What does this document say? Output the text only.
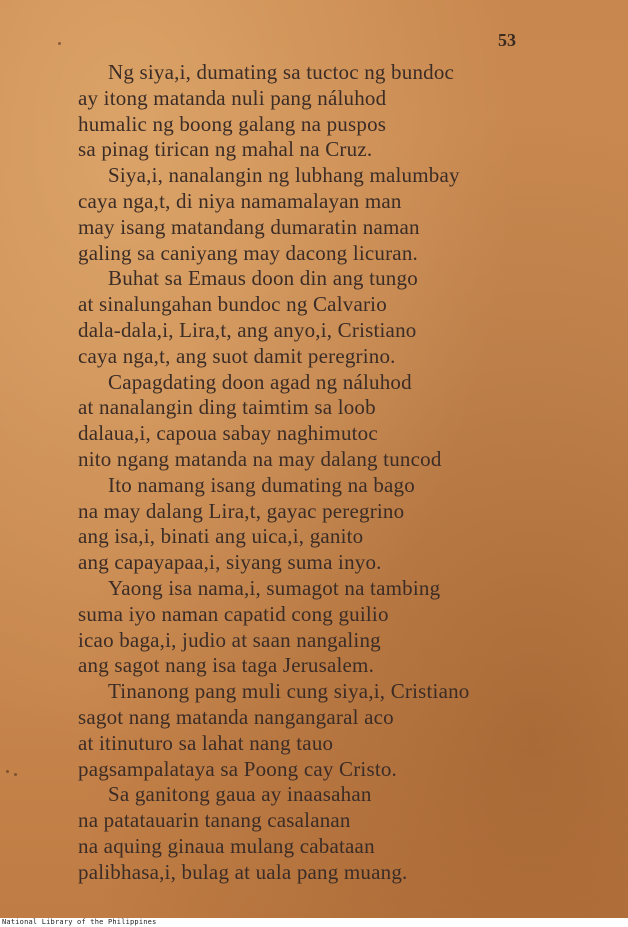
53
Ng siya,i, dumating sa tuctoc ng bundoc
ay itong matanda nuli pang náluhod
humalic ng boong galang na puspos
sa pinag tirican ng mahal na Cruz.
Siya,i, nanalangin ng lubhang malumbay
caya nga,t, di niya namamalayan man
may isang matandang dumaratin naman
galing sa caniyang may dacong licuran.
Buhat sa Emaus doon din ang tungo
at sinalungahan bundoc ng Calvario
dala-dala,i, Lira,t, ang anyo,i, Cristiano
caya nga,t, ang suot damit peregrino.
Capagdating doon agad ng náluhod
at nanalangin ding taimtim sa loob
dalaua,i, capoua sabay naghimutoc
nito ngang matanda na may dalang tuncod
Ito namang isang dumating na bago
na may dalang Lira,t, gayac peregrino
ang isa,i, binati ang uica,i, ganito
ang capayapaa,i, siyang suma inyo.
Yaong isa nama,i, sumagot na tambing
suma iyo naman capatid cong guilio
icao baga,i, judio at saan nangaling
ang sagot nang isa taga Jerusalem.
Tinanong pang muli cung siya,i, Cristiano
sagot nang matanda nangangaral aco
at itinuturo sa lahat nang tauo
pagsampalataya sa Poong cay Cristo.
Sa ganitong gaua ay inaasahan
na patatauarin tanang casalanan
na aquing ginaua mulang cabataan
palibhasa,i, bulag at uala pang muang.
National Library of the Philippines
